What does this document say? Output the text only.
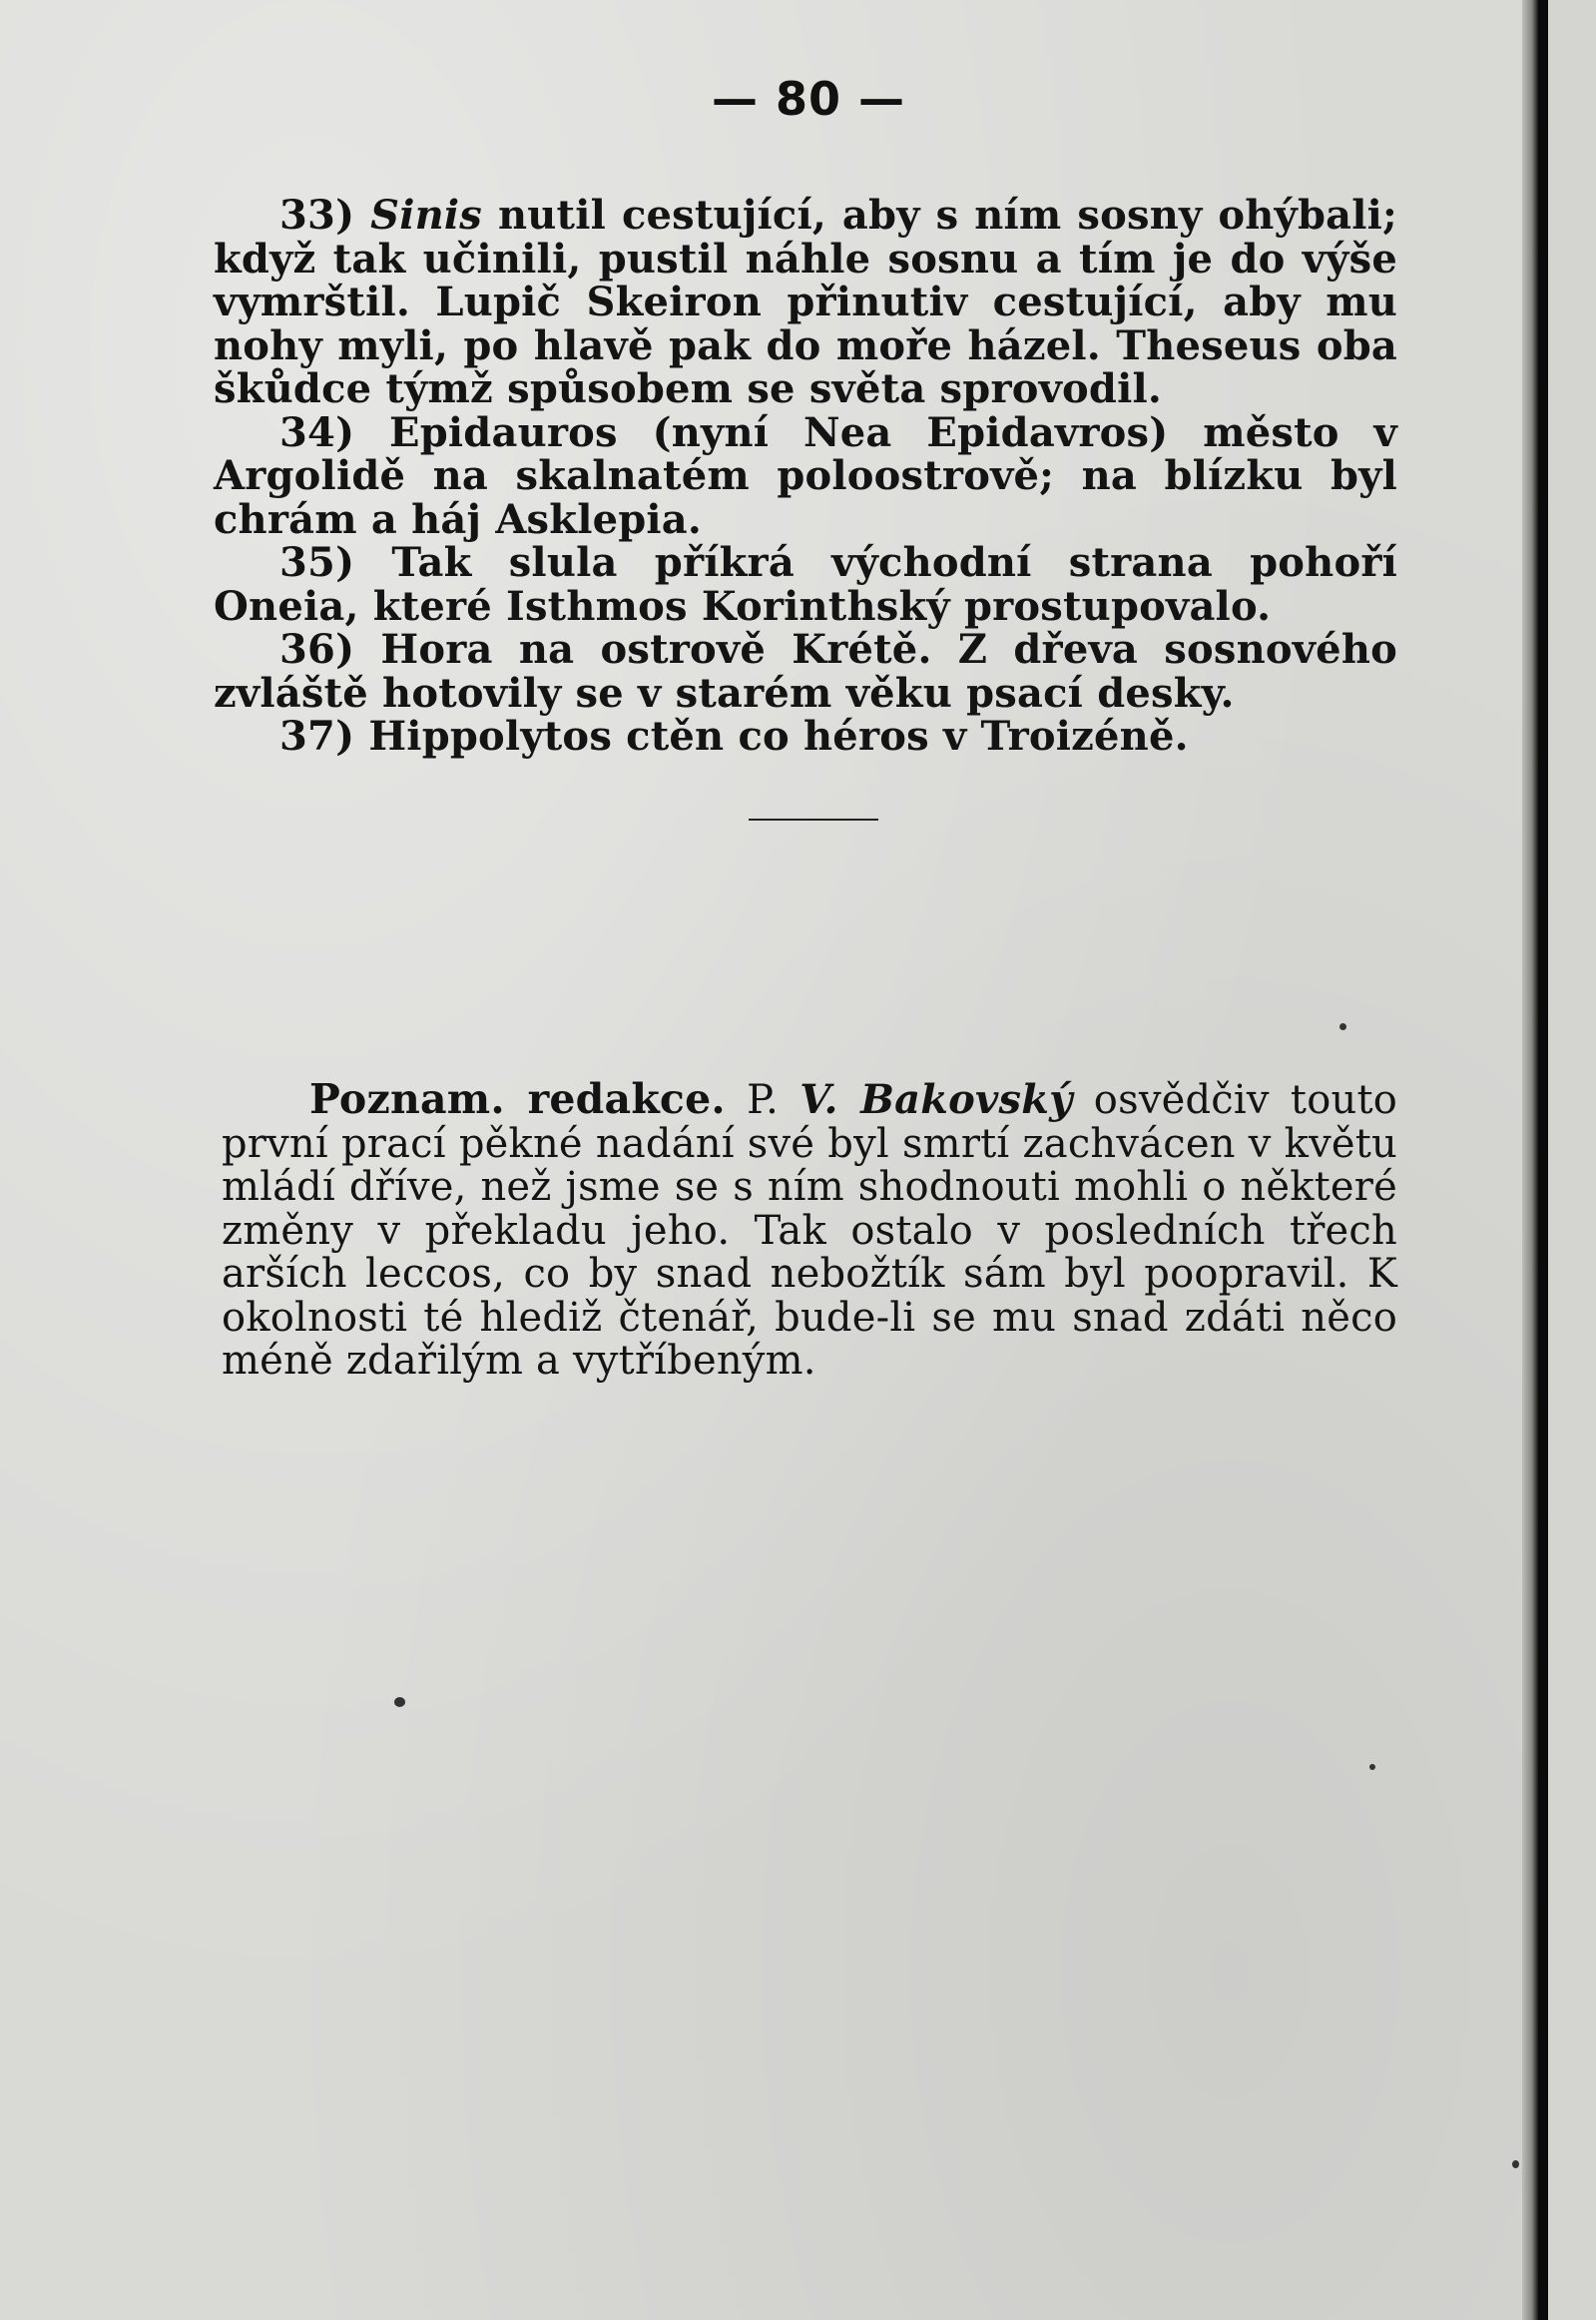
— 80 —

33) Sinis nutil cestující, aby s ním sosny ohýbali; když tak učinili, pustil náhle sosnu a tím je do výše vymrštil. Lupič Skeiron přinutiv cestující, aby mu nohy myli, po hlavě pak do moře házel. Theseus oba škůdce týmž spůsobem se světa sprovodil.

34) Epidauros (nyní Nea Epidavros) město v Argolidě na skalnatém poloostrově; na blízku byl chrám a háj Asklepia.

35) Tak slula příkrá východní strana pohoří Oneia, které Isthmos Korinthský prostupovalo.

36) Hora na ostrově Krétě. Z dřeva sosnového zvláště hotovily se v starém věku psací desky.

37) Hippolytos ctěn co héros v Troizéně.

Poznam. redakce. P. V. Bakovský osvědčiv touto první prací pěkné nadání své byl smrtí zachvácen v květu mládí dříve, než jsme se s ním shodnouti mohli o některé změny v překladu jeho. Tak ostalo v posledních třech arších leccos, co by snad nebožtík sám byl poopravil. K okolnosti té hlediž čtenář, bude-li se mu snad zdáti něco méně zdařilým a vytříbeným.
